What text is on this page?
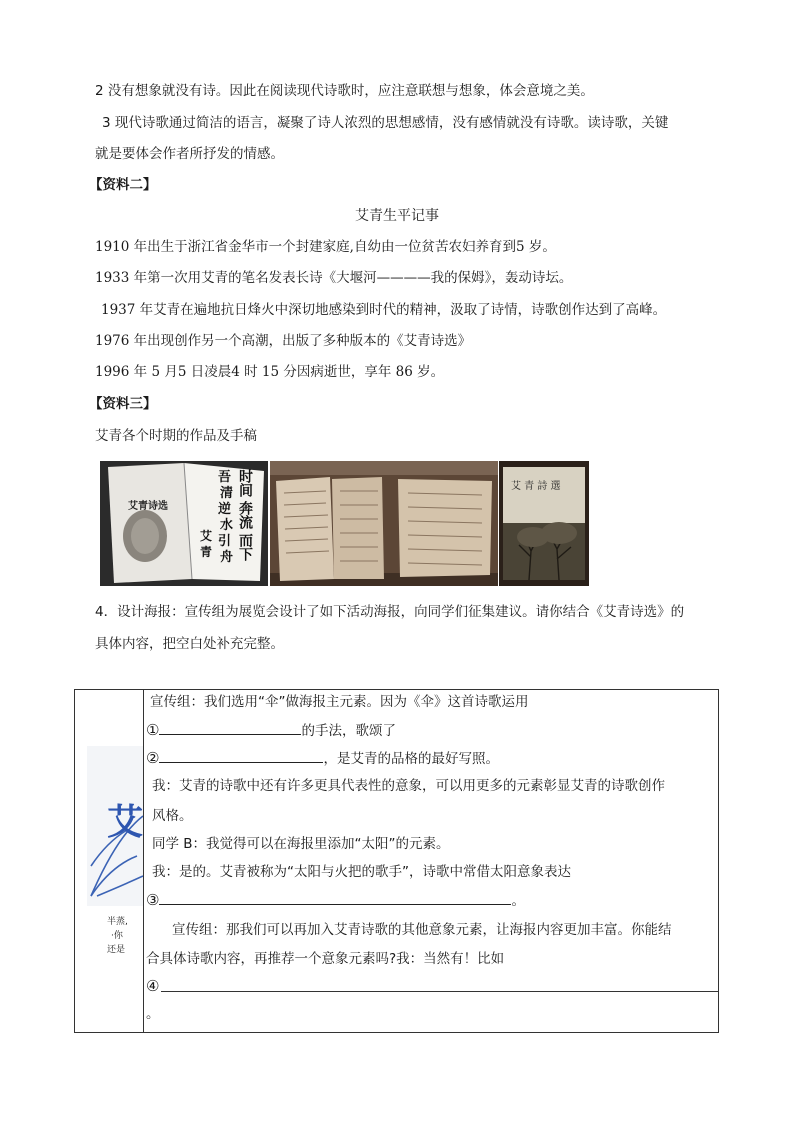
2 没有想象就没有诗。因此在阅读现代诗歌时，应注意联想与想象，体会意境之美。
3 现代诗歌通过简洁的语言，凝聚了诗人浓烈的思想感情，没有感情就没有诗歌。读诗歌，关键
就是要体会作者所抒发的情感。
【资料二】
艾青生平记事
1910 年出生于浙江省金华市一个封建家庭,自幼由一位贫苦农妇养育到5 岁。
1933 年第一次用艾青的笔名发表长诗《大堰河————我的保姆》，轰动诗坛。
1937 年艾青在遍地抗日烽火中深切地感染到时代的精神，汲取了诗情，诗歌创作达到了高峰。
1976 年出现创作另一个高潮，出版了多种版本的《艾青诗选》
1996 年 5 月5 日凌晨4 时 15 分因病逝世，享年 86 岁。
【资料三】
艾青各个时期的作品及手稿
艾青诗选
时间
奔流
而下
吾
清
逆
水
引
舟
艾
青
艾 青 詩 選
4．设计海报：宣传组为展览会设计了如下活动海报，向同学们征集建议。请你结合《艾青诗选》的
具体内容，把空白处补充完整。
艾
半蒸,
·你
还是
宣传组：我们选用“伞”做海报主元素。因为《伞》这首诗歌运用
①	的手法，歌颂了
②	，是艾青的品格的最好写照。
我：艾青的诗歌中还有许多更具代表性的意象，可以用更多的元素彰显艾青的诗歌创作
风格。
同学 B：我觉得可以在海报里添加“太阳”的元素。
我：是的。艾青被称为“太阳与火把的歌手”，诗歌中常借太阳意象表达
③	。
宣传组：那我们可以再加入艾青诗歌的其他意象元素，让海报内容更加丰富。你能结
合具体诗歌内容，再推荐一个意象元素吗?我：当然有！比如
④
。
